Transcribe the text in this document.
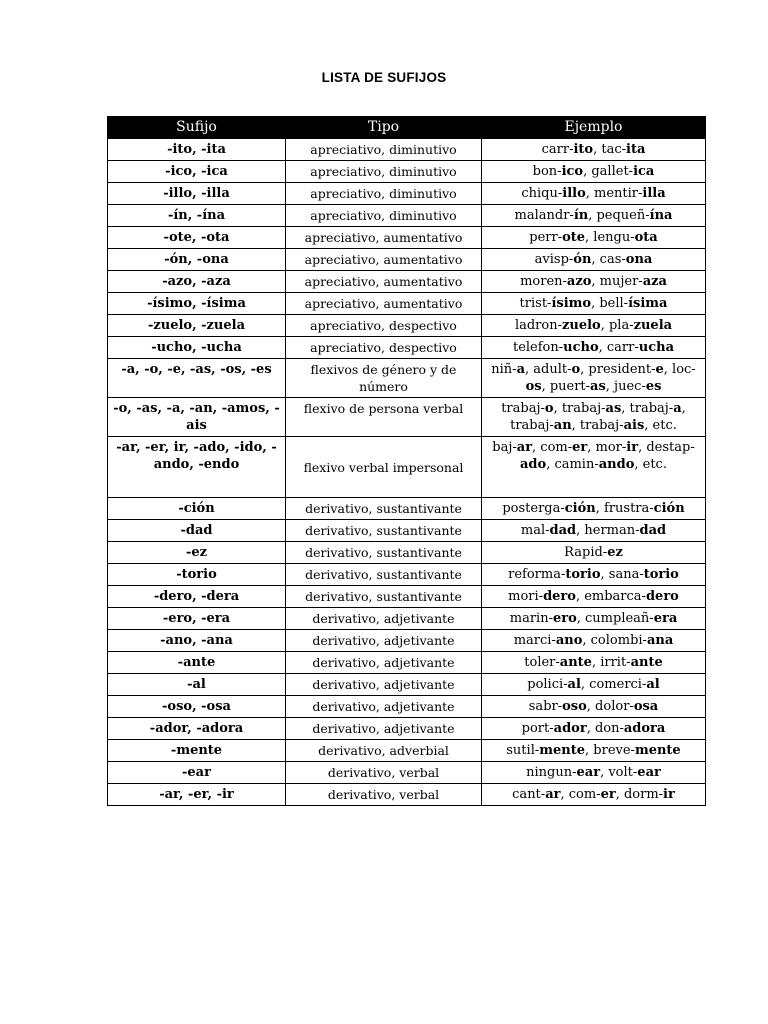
LISTA DE SUFIJOS
Sufijo	Tipo	Ejemplo
-ito, -ita	apreciativo, diminutivo	carr-ito, tac-ita
-ico, -ica	apreciativo, diminutivo	bon-ico, gallet-ica
-illo, -illa	apreciativo, diminutivo	chiqu-illo, mentir-illa
-ín, -ína	apreciativo, diminutivo	malandr-ín, pequeñ-ína
-ote, -ota	apreciativo, aumentativo	perr-ote, lengu-ota
-ón, -ona	apreciativo, aumentativo	avisp-ón, cas-ona
-azo, -aza	apreciativo, aumentativo	moren-azo, mujer-aza
-ísimo, -ísima	apreciativo, aumentativo	trist-ísimo, bell-ísima
-zuelo, -zuela	apreciativo, despectivo	ladron-zuelo, pla-zuela
-ucho, -ucha	apreciativo, despectivo	telefon-ucho, carr-ucha
-a, -o, -e, -as, -os, -es	flexivos de género y de número	niñ-a, adult-o, president-e, loc-os, puert-as, juec-es
-o, -as, -a, -an, -amos, -ais	flexivo de persona verbal	trabaj-o, trabaj-as, trabaj-a, trabaj-an, trabaj-ais, etc.
-ar, -er, ir, -ado, -ido, -ando, -endo	flexivo verbal impersonal	baj-ar, com-er, mor-ir, destap-ado, camin-ando, etc.
-ción	derivativo, sustantivante	posterga-ción, frustra-ción
-dad	derivativo, sustantivante	mal-dad, herman-dad
-ez	derivativo, sustantivante	Rapid-ez
-torio	derivativo, sustantivante	reforma-torio, sana-torio
-dero, -dera	derivativo, sustantivante	mori-dero, embarca-dero
-ero, -era	derivativo, adjetivante	marin-ero, cumpleañ-era
-ano, -ana	derivativo, adjetivante	marci-ano, colombi-ana
-ante	derivativo, adjetivante	toler-ante, irrit-ante
-al	derivativo, adjetivante	polici-al, comerci-al
-oso, -osa	derivativo, adjetivante	sabr-oso, dolor-osa
-ador, -adora	derivativo, adjetivante	port-ador, don-adora
-mente	derivativo, adverbial	sutil-mente, breve-mente
-ear	derivativo, verbal	ningun-ear, volt-ear
-ar, -er, -ir	derivativo, verbal	cant-ar, com-er, dorm-ir
